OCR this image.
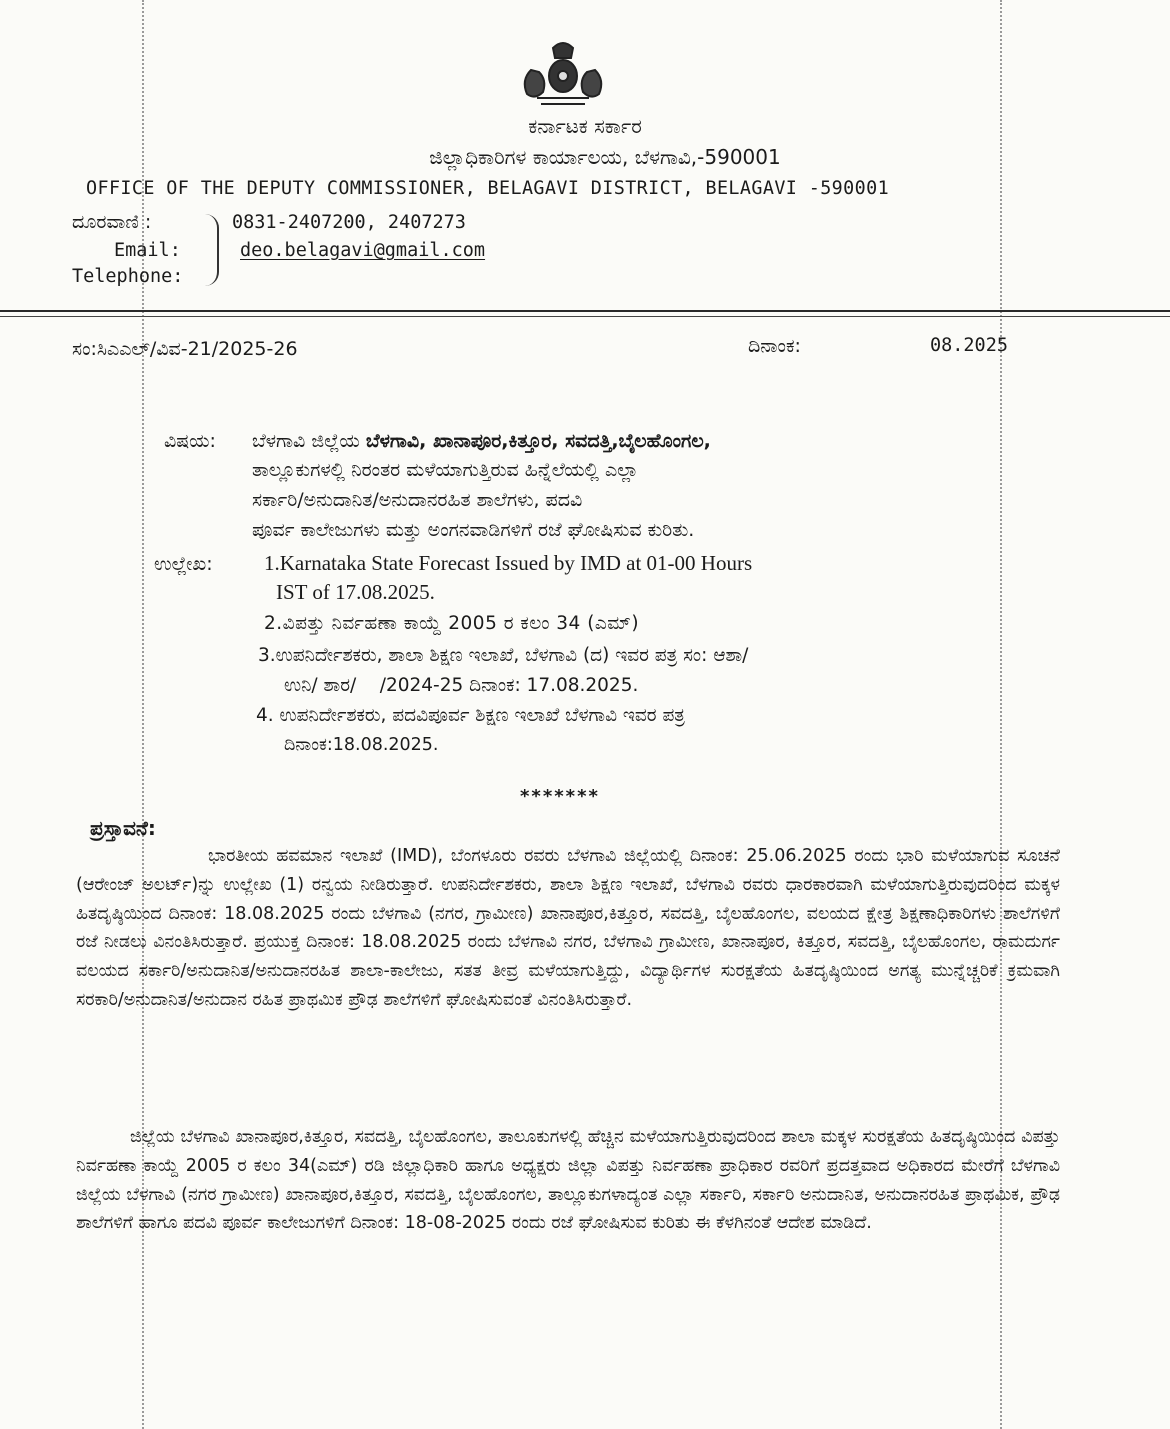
ಕರ್ನಾಟಕ ಸರ್ಕಾರ
ಜಿಲ್ಲಾಧಿಕಾರಿಗಳ ಕಾರ್ಯಾಲಯ, ಬೆಳಗಾವಿ,-590001
OFFICE OF THE DEPUTY COMMISSIONER, BELAGAVI DISTRICT, BELAGAVI -590001
ದೂರವಾಣಿ :	0831-2407200, 2407273
Email:	deo.belagavi@gmail.com
Telephone:
ಸಂ:ಸಿಎಎಲ್/ವಿವ-21/2025-26	ದಿನಾಂಕ:	08.2025
ವಿಷಯ: ಬೆಳಗಾವಿ ಜಿಲ್ಲೆಯ ಬೆಳಗಾವಿ, ಖಾನಾಪೂರ,ಕಿತ್ತೂರ, ಸವದತ್ತಿ,ಬೈಲಹೊಂಗಲ,
ತಾಲ್ಲೂಕುಗಳಲ್ಲಿ ನಿರಂತರ ಮಳೆಯಾಗುತ್ತಿರುವ ಹಿನ್ನೆಲೆಯಲ್ಲಿ ಎಲ್ಲಾ
ಸರ್ಕಾರಿ/ಅನುದಾನಿತ/ಅನುದಾನರಹಿತ ಶಾಲೆಗಳು, ಪದವಿ
ಪೂರ್ವ ಕಾಲೇಜುಗಳು ಮತ್ತು ಅಂಗನವಾಡಿಗಳಿಗೆ ರಜೆ ಘೋಷಿಸುವ ಕುರಿತು.
ಉಲ್ಲೇಖ: 1.Karnataka State Forecast Issued by IMD at 01-00 Hours
IST of 17.08.2025.
2.ವಿಪತ್ತು ನಿರ್ವಹಣಾ ಕಾಯ್ದೆ 2005 ರ ಕಲಂ 34 (ಎಮ್)
3.ಉಪನಿರ್ದೇಶಕರು, ಶಾಲಾ ಶಿಕ್ಷಣ ಇಲಾಖೆ, ಬೆಳಗಾವಿ (ದ) ಇವರ ಪತ್ರ ಸಂ: ಆಶಾ/
ಉನಿ/ ಶಾರ/    /2024-25 ದಿನಾಂಕ: 17.08.2025.
4. ಉಪನಿರ್ದೇಶಕರು, ಪದವಿಪೂರ್ವ ಶಿಕ್ಷಣ ಇಲಾಖೆ ಬೆಳಗಾವಿ ಇವರ ಪತ್ರ
ದಿನಾಂಕ:18.08.2025.
*******
ಪ್ರಸ್ತಾವನೆ:

ಭಾರತೀಯ ಹವಮಾನ ಇಲಾಖೆ (IMD), ಬೆಂಗಳೂರು ರವರು ಬೆಳಗಾವಿ ಜಿಲ್ಲೆಯಲ್ಲಿ ದಿನಾಂಕ: 25.06.2025 ರಂದು ಭಾರಿ ಮಳೆಯಾಗುವ ಸೂಚನೆ (ಆರೇಂಜ್ ಅಲರ್ಟ್)ನ್ನು ಉಲ್ಲೇಖ (1) ರನ್ವಯ ನೀಡಿರುತ್ತಾರೆ. ಉಪನಿರ್ದೇಶಕರು, ಶಾಲಾ ಶಿಕ್ಷಣ ಇಲಾಖೆ, ಬೆಳಗಾವಿ ರವರು ಧಾರಕಾರವಾಗಿ ಮಳೆಯಾಗುತ್ತಿರುವುದರಿಂದ ಮಕ್ಕಳ ಹಿತದೃಷ್ಠಿಯಿಂದ ದಿನಾಂಕ: 18.08.2025 ರಂದು ಬೆಳಗಾವಿ (ನಗರ, ಗ್ರಾಮೀಣ) ಖಾನಾಪೂರ,ಕಿತ್ತೂರ, ಸವದತ್ತಿ, ಬೈಲಹೊಂಗಲ, ವಲಯದ ಕ್ಷೇತ್ರ ಶಿಕ್ಷಣಾಧಿಕಾರಿಗಳು ಶಾಲೆಗಳಿಗೆ ರಜೆ ನೀಡಲು ವಿನಂತಿಸಿರುತ್ತಾರೆ. ಪ್ರಯುಕ್ತ ದಿನಾಂಕ: 18.08.2025 ರಂದು ಬೆಳಗಾವಿ ನಗರ, ಬೆಳಗಾವಿ ಗ್ರಾಮೀಣ, ಖಾನಾಪೂರ, ಕಿತ್ತೂರ, ಸವದತ್ತಿ, ಬೈಲಹೊಂಗಲ, ರಾಮದುರ್ಗ ವಲಯದ ಸರ್ಕಾರಿ/ಅನುದಾನಿತ/ಅನುದಾನರಹಿತ ಶಾಲಾ-ಕಾಲೇಜು, ಸತತ ತೀವ್ರ ಮಳೆಯಾಗುತ್ತಿದ್ದು, ವಿದ್ಯಾರ್ಥಿಗಳ ಸುರಕ್ಷತೆಯ ಹಿತದೃಷ್ಠಿಯಿಂದ ಅಗತ್ಯ ಮುನ್ನೆಚ್ಚರಿಕೆ ಕ್ರಮವಾಗಿ ಸರಕಾರಿ/ಅನುದಾನಿತ/ಅನುದಾನ ರಹಿತ ಪ್ರಾಥಮಿಕ ಪ್ರೌಢ ಶಾಲೆಗಳಿಗೆ ಘೋಷಿಸುವಂತೆ ವಿನಂತಿಸಿರುತ್ತಾರೆ.

ಜಿಲ್ಲೆಯ ಬೆಳಗಾವಿ ಖಾನಾಪೂರ,ಕಿತ್ತೂರ, ಸವದತ್ತಿ, ಬೈಲಹೊಂಗಲ, ತಾಲೂಕುಗಳಲ್ಲಿ ಹೆಚ್ಚಿನ ಮಳೆಯಾಗುತ್ತಿರುವುದರಿಂದ ಶಾಲಾ ಮಕ್ಕಳ ಸುರಕ್ಷತೆಯ ಹಿತದೃಷ್ಠಿಯಿಂದ ವಿಪತ್ತು ನಿರ್ವಹಣಾ ಕಾಯ್ದೆ 2005 ರ ಕಲಂ 34(ಎಮ್) ರಡಿ ಜಿಲ್ಲಾಧಿಕಾರಿ ಹಾಗೂ ಅಧ್ಯಕ್ಷರು ಜಿಲ್ಲಾ ವಿಪತ್ತು ನಿರ್ವಹಣಾ ಪ್ರಾಧಿಕಾರ ರವರಿಗೆ ಪ್ರದತ್ತವಾದ ಅಧಿಕಾರದ ಮೇರೆಗೆ ಬೆಳಗಾವಿ ಜಿಲ್ಲೆಯ ಬೆಳಗಾವಿ (ನಗರ ಗ್ರಾಮೀಣ) ಖಾನಾಪೂರ,ಕಿತ್ತೂರ, ಸವದತ್ತಿ, ಬೈಲಹೊಂಗಲ, ತಾಲ್ಲೂಕುಗಳಾದ್ಯಂತ ಎಲ್ಲಾ ಸರ್ಕಾರಿ, ಸರ್ಕಾರಿ ಅನುದಾನಿತ, ಅನುದಾನರಹಿತ ಪ್ರಾಥಮಿಕ, ಪ್ರೌಢ ಶಾಲೆಗಳಿಗೆ ಹಾಗೂ ಪದವಿ ಪೂರ್ವ ಕಾಲೇಜುಗಳಿಗೆ ದಿನಾಂಕ: 18-08-2025 ರಂದು ರಜೆ ಘೋಷಿಸುವ ಕುರಿತು ಈ ಕೆಳಗಿನಂತೆ ಆದೇಶ ಮಾಡಿದೆ.
